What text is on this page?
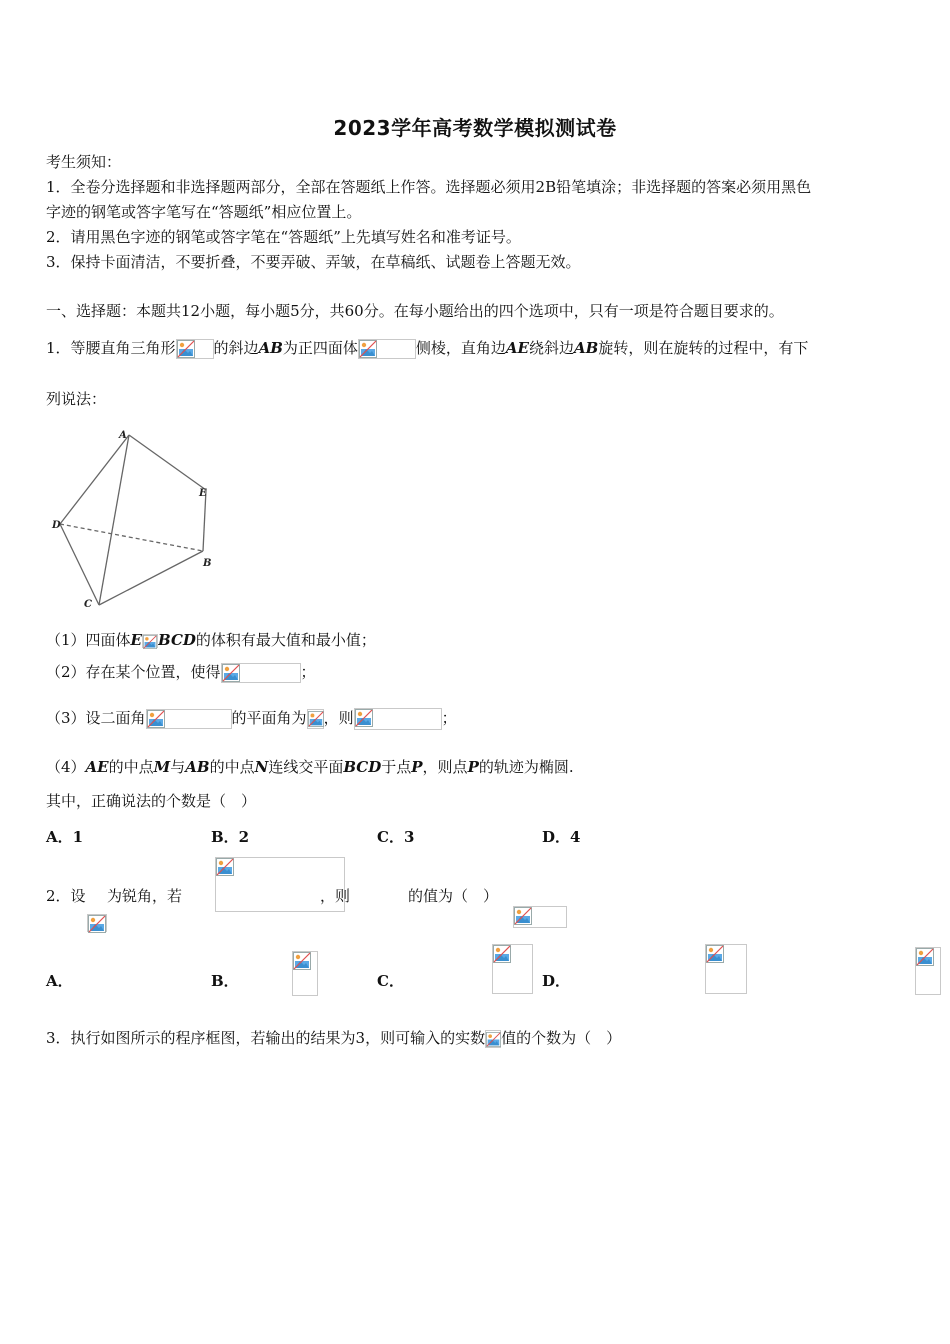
2023学年高考数学模拟测试卷
考生须知：
1．全卷分选择题和非选择题两部分，全部在答题纸上作答。选择题必须用2B铅笔填涂；非选择题的答案必须用黑色
字迹的钢笔或答字笔写在“答题纸”相应位置上。
2．请用黑色字迹的钢笔或答字笔在“答题纸”上先填写姓名和准考证号。
3．保持卡面清洁，不要折叠，不要弄破、弄皱，在草稿纸、试题卷上答题无效。
一、选择题：本题共12小题，每小题5分，共60分。在每小题给出的四个选项中，只有一项是符合题目要求的。
1．等腰直角三角形	的斜边AB为正四面体	侧棱，直角边AE绕斜边AB旋转，则在旋转的过程中，有下
列说法：
A
E
D
B
C
（1）四面体E BCD的体积有最大值和最小值；
（2）存在某个位置，使得	；
（3）设二面角	的平面角为 ，则	；
（4）AE的中点M与AB的中点N连线交平面BCD于点P，则点P的轨迹为椭圆.
其中，正确说法的个数是（　）
A．1	B．2	C．3	D．4
2．设
为锐角，若
	，则
	的值为（　）
A．
	B．
	C．
	D．
3．执行如图所示的程序框图，若输出的结果为3，则可输入的实数 值的个数为（　）
